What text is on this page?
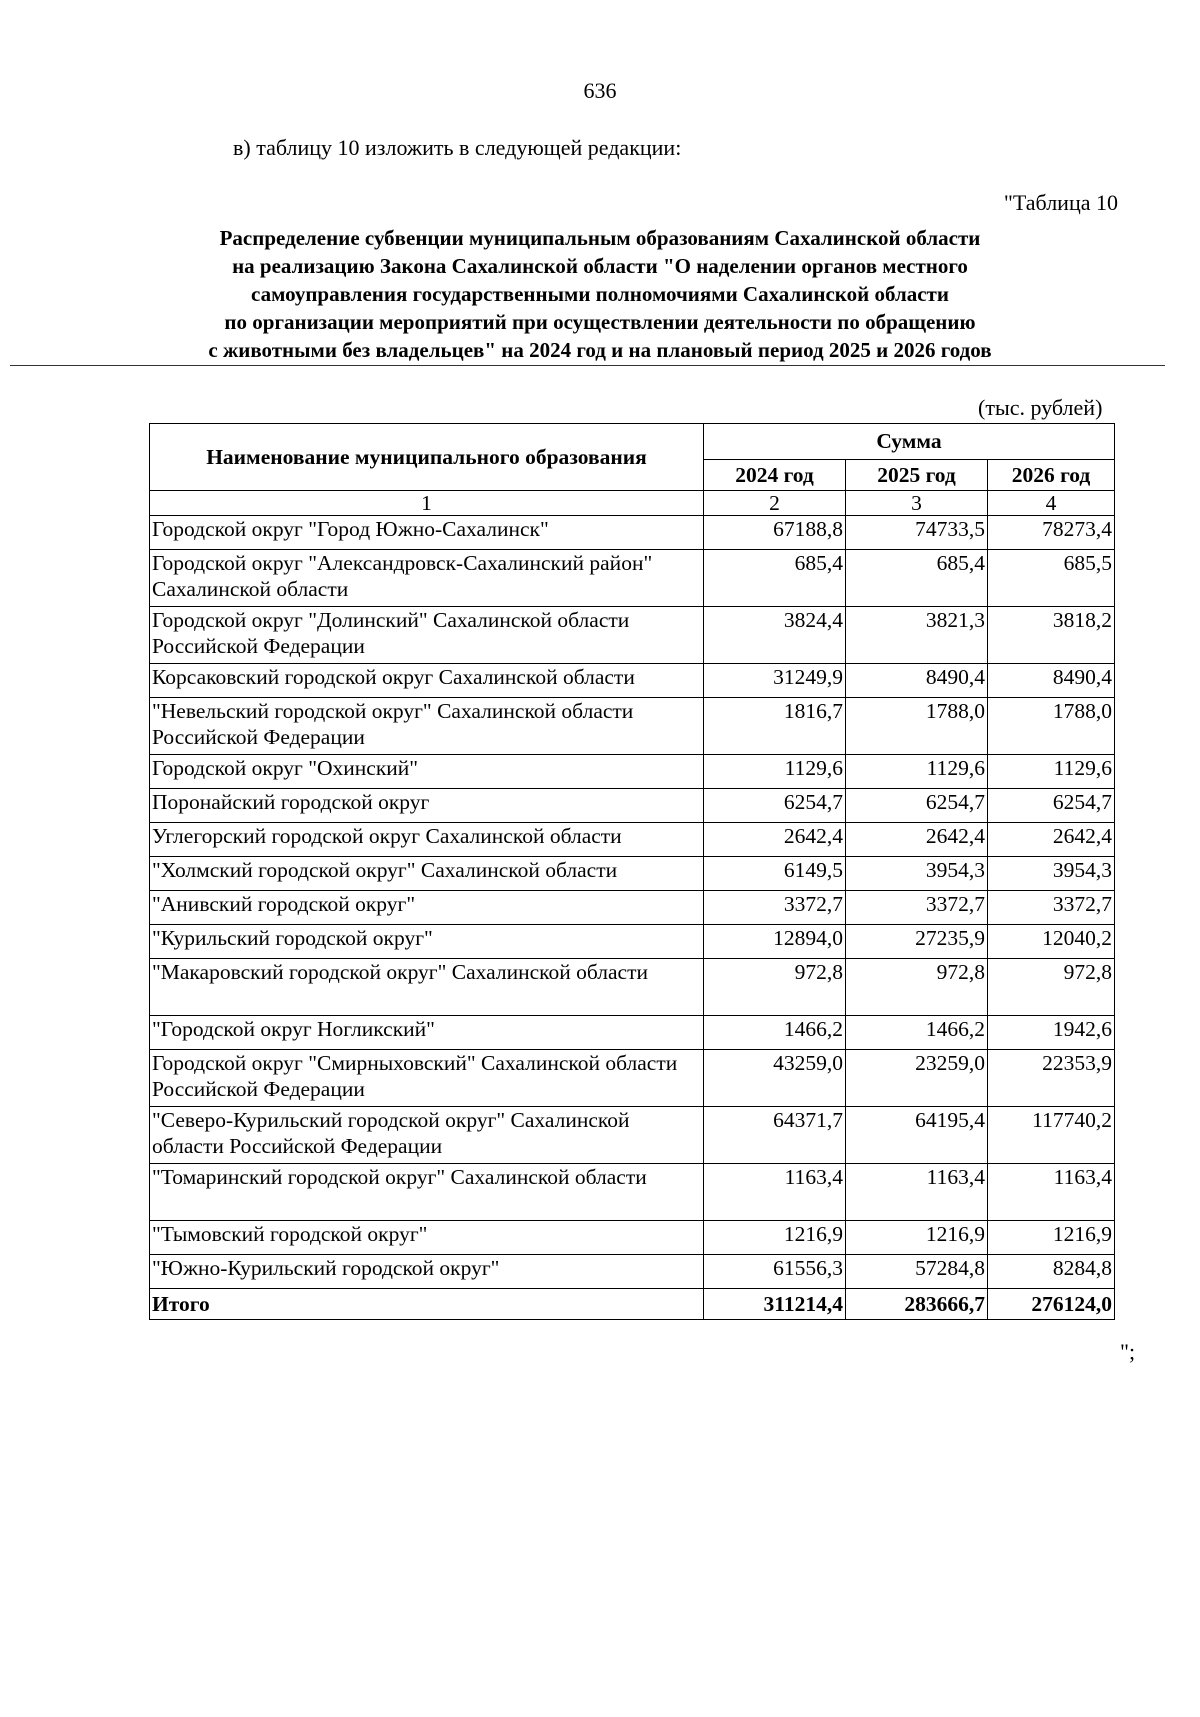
636
в) таблицу 10 изложить в следующей редакции:
"Таблица 10
Распределение субвенции муниципальным образованиям Сахалинской области
на реализацию Закона Сахалинской области "О наделении органов местного
самоуправления государственными полномочиями Сахалинской области
по организации мероприятий при осуществлении деятельности по обращению
с животными без владельцев" на 2024 год и на плановый период 2025 и 2026 годов
(тыс. рублей)
Наименование муниципального образования	Сумма		
	2024 год	2025 год	2026 год
1	2	3	4
Городской округ "Город Южно-Сахалинск"	67188,8	74733,5	78273,4
Городской округ "Александровск-Сахалинский район" Сахалинской области	685,4	685,4	685,5
Городской округ "Долинский" Сахалинской области Российской Федерации	3824,4	3821,3	3818,2
Корсаковский городской округ Сахалинской области	31249,9	8490,4	8490,4
"Невельский городской округ" Сахалинской области Российской Федерации	1816,7	1788,0	1788,0
Городской округ "Охинский"	1129,6	1129,6	1129,6
Поронайский городской округ	6254,7	6254,7	6254,7
Углегорский городской округ Сахалинской области	2642,4	2642,4	2642,4
"Холмский городской округ" Сахалинской области	6149,5	3954,3	3954,3
"Анивский городской округ"	3372,7	3372,7	3372,7
"Курильский городской округ"	12894,0	27235,9	12040,2
"Макаровский городской округ" Сахалинской области	972,8	972,8	972,8
"Городской округ Ногликский"	1466,2	1466,2	1942,6
Городской округ "Смирныховский" Сахалинской области Российской Федерации	43259,0	23259,0	22353,9
"Северо-Курильский городской округ" Сахалинской области Российской Федерации	64371,7	64195,4	117740,2
"Томаринский городской округ" Сахалинской области	1163,4	1163,4	1163,4
"Тымовский городской округ"	1216,9	1216,9	1216,9
"Южно-Курильский городской округ"	61556,3	57284,8	8284,8
Итого	311214,4	283666,7	276124,0
";
